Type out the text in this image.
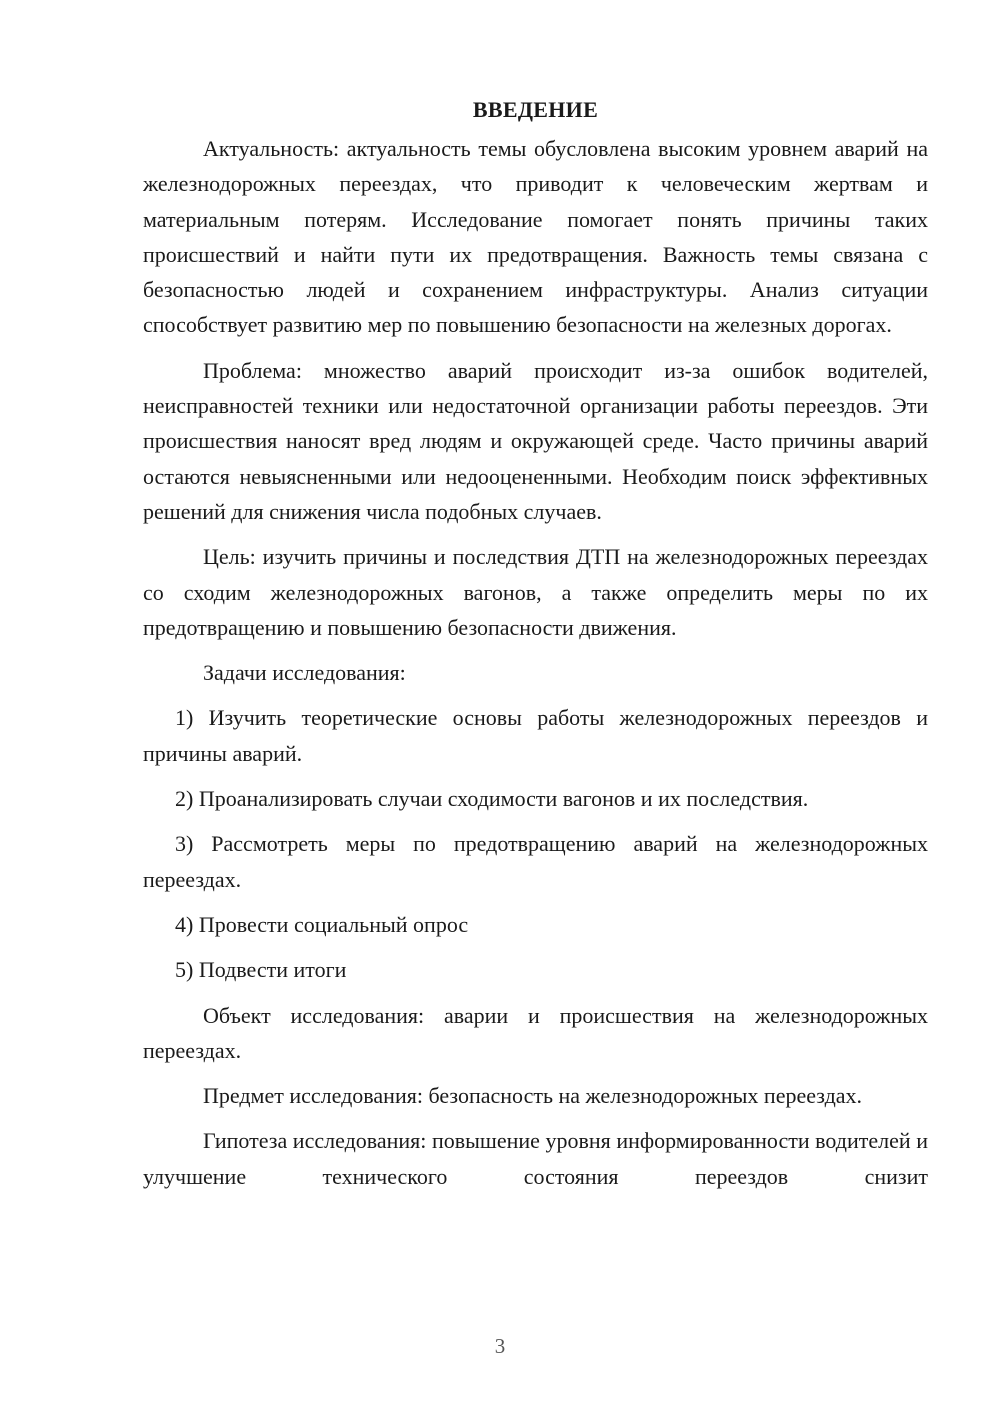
ВВЕДЕНИЕ

Актуальность: актуальность темы обусловлена высоким уровнем аварий на железнодорожных переездах, что приводит к человеческим жертвам и материальным потерям. Исследование помогает понять причины таких происшествий и найти пути их предотвращения. Важность темы связана с безопасностью людей и сохранением инфраструктуры. Анализ ситуации способствует развитию мер по повышению безопасности на железных дорогах.

Проблема: множество аварий происходит из-за ошибок водителей, неисправностей техники или недостаточной организации работы переездов. Эти происшествия наносят вред людям и окружающей среде. Часто причины аварий остаются невыясненными или недооцененными. Необходим поиск эффективных решений для снижения числа подобных случаев.

Цель: изучить причины и последствия ДТП на железнодорожных переездах со сходим железнодорожных вагонов, а также определить меры по их предотвращению и повышению безопасности движения.

Задачи исследования:

1) Изучить теоретические основы работы железнодорожных переездов и причины аварий.

2) Проанализировать случаи сходимости вагонов и их последствия.

3) Рассмотреть меры по предотвращению аварий на железнодорожных переездах.

4) Провести социальный опрос

5) Подвести итоги

Объект исследования: аварии и происшествия на железнодорожных переездах.

Предмет исследования: безопасность на железнодорожных переездах.

Гипотеза исследования: повышение уровня информированности водителей и улучшение технического состояния переездов снизит

3
